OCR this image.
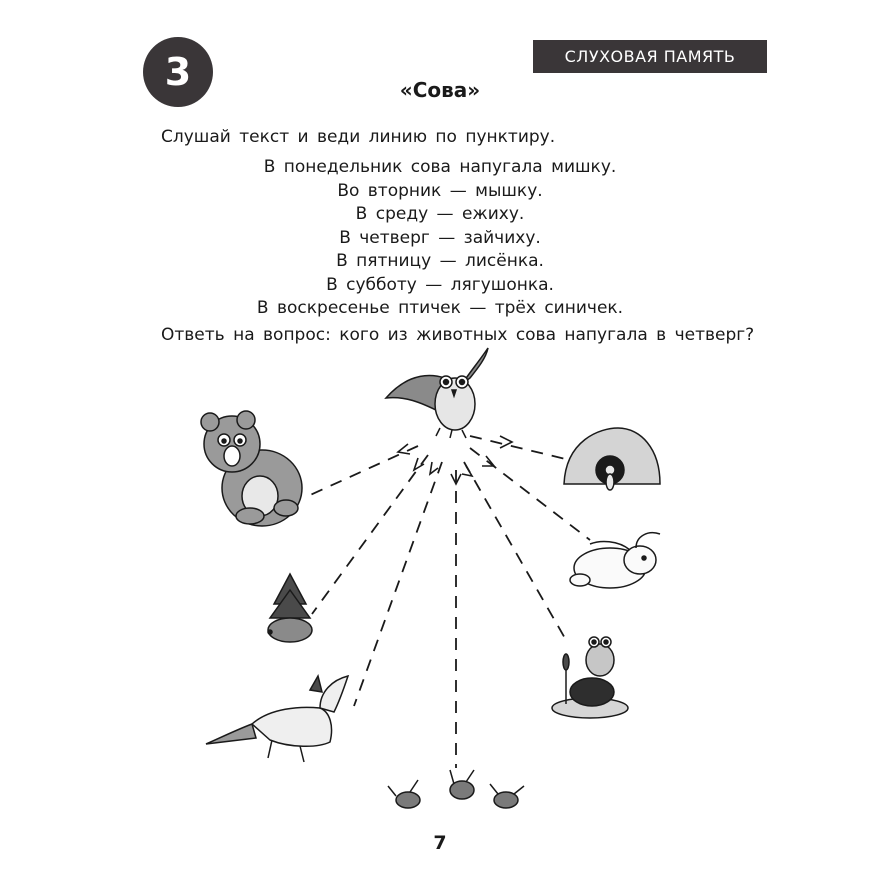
3	СЛУХОВАЯ ПАМЯТЬ
«Сова»
Слушай текст и веди линию по пунктиру.
В понедельник сова напугала мишку.
Во вторник — мышку.
В среду — ежиху.
В четверг — зайчиху.
В пятницу — лисёнка.
В субботу — лягушонка.
В воскресенье птичек — трёх синичек.
Ответь на вопрос: кого из животных сова напугала в четверг?
7
